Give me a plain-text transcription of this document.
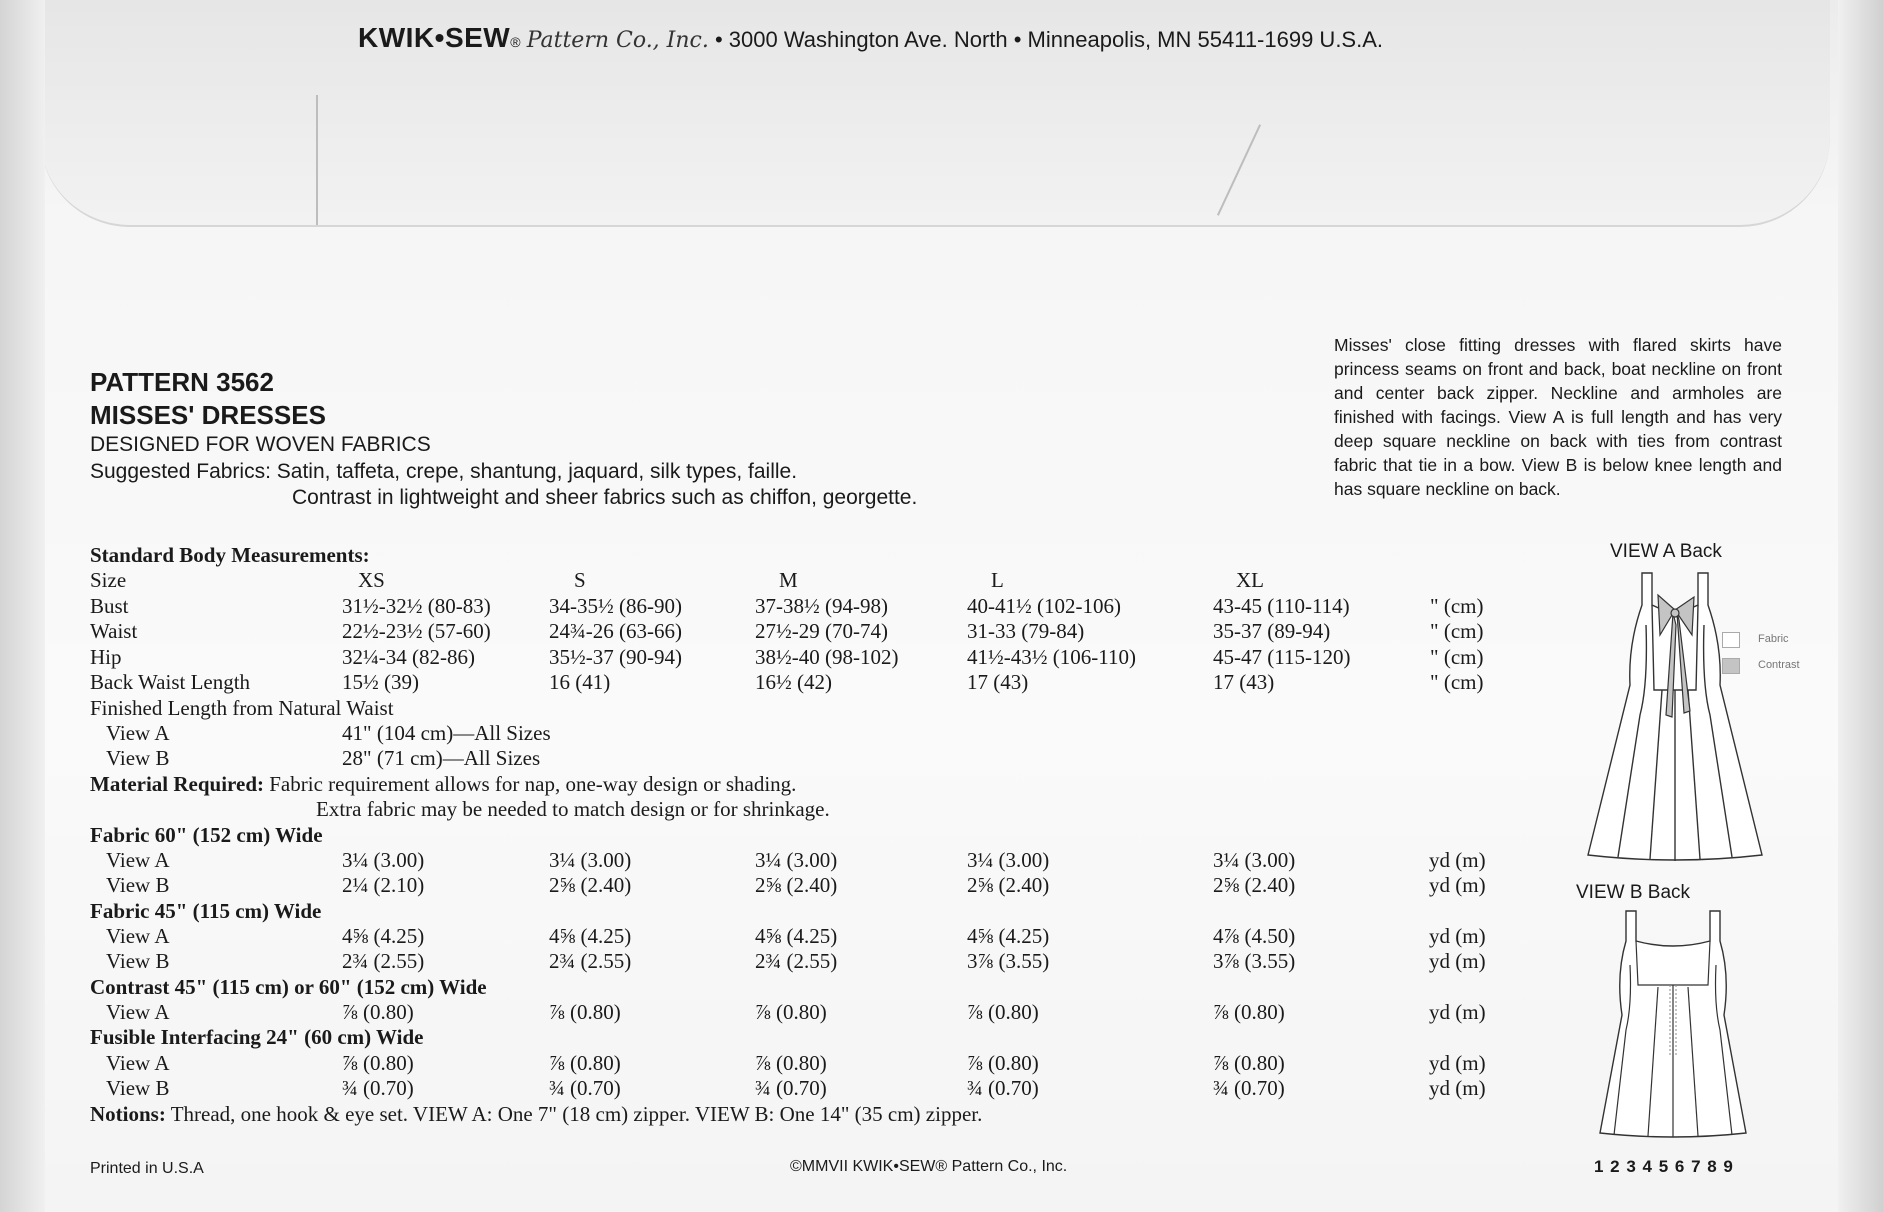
KWIK•SEW® Pattern Co., Inc. • 3000 Washington Ave. North • Minneapolis, MN 55411-1699 U.S.A.
PATTERN 3562
MISSES' DRESSES
DESIGNED FOR WOVEN FABRICS
Suggested Fabrics: Satin, taffeta, crepe, shantung, jaquard, silk types, faille.
Contrast in lightweight and sheer fabrics such as chiffon, georgette.
Misses' close fitting dresses with flared skirts have princess seams on front and back, boat neckline on front and center back zipper. Neckline and armholes are finished with facings. View A is full length and has very deep square neckline on back with ties from contrast fabric that tie in a bow. View B is below knee length and has square neckline on back.
Standard Body Measurements:
Size	XS	S	M	L	XL
Bust	31½-32½ (80-83)	34-35½ (86-90)	37-38½ (94-98)	40-41½ (102-106)	43-45 (110-114)	" (cm)
Waist	22½-23½ (57-60)	24¾-26 (63-66)	27½-29 (70-74)	31-33 (79-84)	35-37 (89-94)	" (cm)
Hip	32¼-34 (82-86)	35½-37 (90-94)	38½-40 (98-102)	41½-43½ (106-110)	45-47 (115-120)	" (cm)
Back Waist Length	15½ (39)	16 (41)	16½ (42)	17 (43)	17 (43)	" (cm)
Finished Length from Natural Waist
View A	41" (104 cm)—All Sizes
View B	28" (71 cm)—All Sizes
Material Required: Fabric requirement allows for nap, one-way design or shading.
Extra fabric may be needed to match design or for shrinkage.
Fabric 60" (152 cm) Wide
View A	3¼ (3.00)	3¼ (3.00)	3¼ (3.00)	3¼ (3.00)	3¼ (3.00)	yd (m)
View B	2¼ (2.10)	2⅝ (2.40)	2⅝ (2.40)	2⅝ (2.40)	2⅝ (2.40)	yd (m)
Fabric 45" (115 cm) Wide
View A	4⅝ (4.25)	4⅝ (4.25)	4⅝ (4.25)	4⅝ (4.25)	4⅞ (4.50)	yd (m)
View B	2¾ (2.55)	2¾ (2.55)	2¾ (2.55)	3⅞ (3.55)	3⅞ (3.55)	yd (m)
Contrast 45" (115 cm) or 60" (152 cm) Wide
View A	⅞ (0.80)	⅞ (0.80)	⅞ (0.80)	⅞ (0.80)	⅞ (0.80)	yd (m)
Fusible Interfacing 24" (60 cm) Wide
View A	⅞ (0.80)	⅞ (0.80)	⅞ (0.80)	⅞ (0.80)	⅞ (0.80)	yd (m)
View B	¾ (0.70)	¾ (0.70)	¾ (0.70)	¾ (0.70)	¾ (0.70)	yd (m)
Notions: Thread, one hook & eye set. VIEW A: One 7" (18 cm) zipper. VIEW B: One 14" (35 cm) zipper.
VIEW A Back
Fabric
Contrast
VIEW B Back
Printed in U.S.A	©MMVII KWIK•SEW® Pattern Co., Inc.	1 2 3 4 5 6 7 8 9
